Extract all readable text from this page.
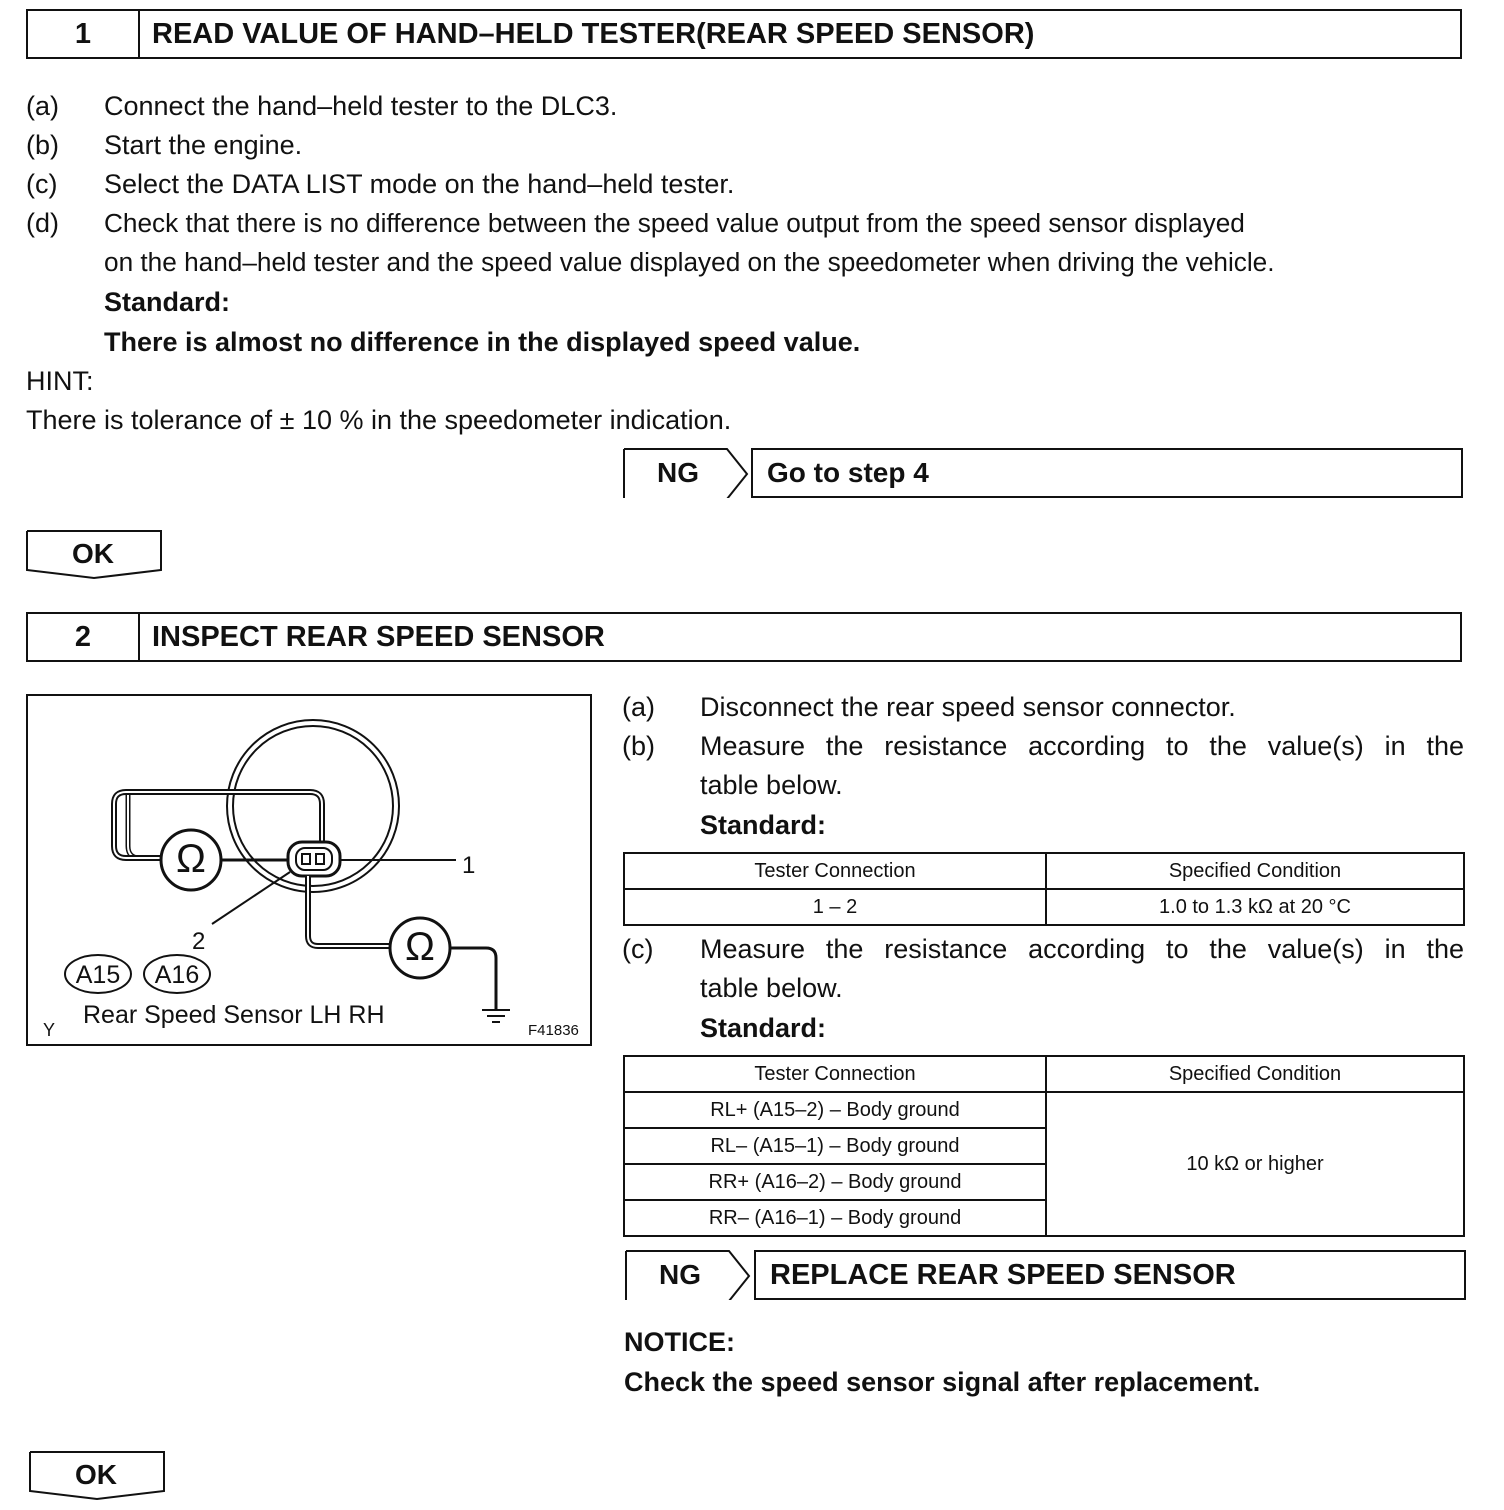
1	READ VALUE OF HAND–HELD TESTER(REAR SPEED SENSOR)
(a) Connect the hand–held tester to the DLC3.
(b) Start the engine.
(c) Select the DATA LIST mode on the hand–held tester.
(d) Check that there is no difference between the speed value output from the speed sensor displayed
on the hand–held tester and the speed value displayed on the speedometer when driving the vehicle.
Standard:
There is almost no difference in the displayed speed value.
HINT:
There is tolerance of ± 10 % in the speedometer indication.
NG	Go to step 4
OK
2	INSPECT REAR SPEED SENSOR
Ω
Ω
1
2
A15	A16
Rear Speed Sensor LH RH
Y	F41836
(a) Disconnect the rear speed sensor connector.
(b) Measure the resistance according to the value(s) in the
table below.
Standard:
Tester Connection	Specified Condition
1 – 2	1.0 to 1.3 kΩ at 20 °C
(c) Measure the resistance according to the value(s) in the
table below.
Standard:
Tester Connection	Specified Condition
RL+ (A15–2) – Body ground	10 kΩ or higher
RL– (A15–1) – Body ground	
RR+ (A16–2) – Body ground	
RR– (A16–1) – Body ground	
NG	REPLACE REAR SPEED SENSOR
NOTICE:
Check the speed sensor signal after replacement.
OK
